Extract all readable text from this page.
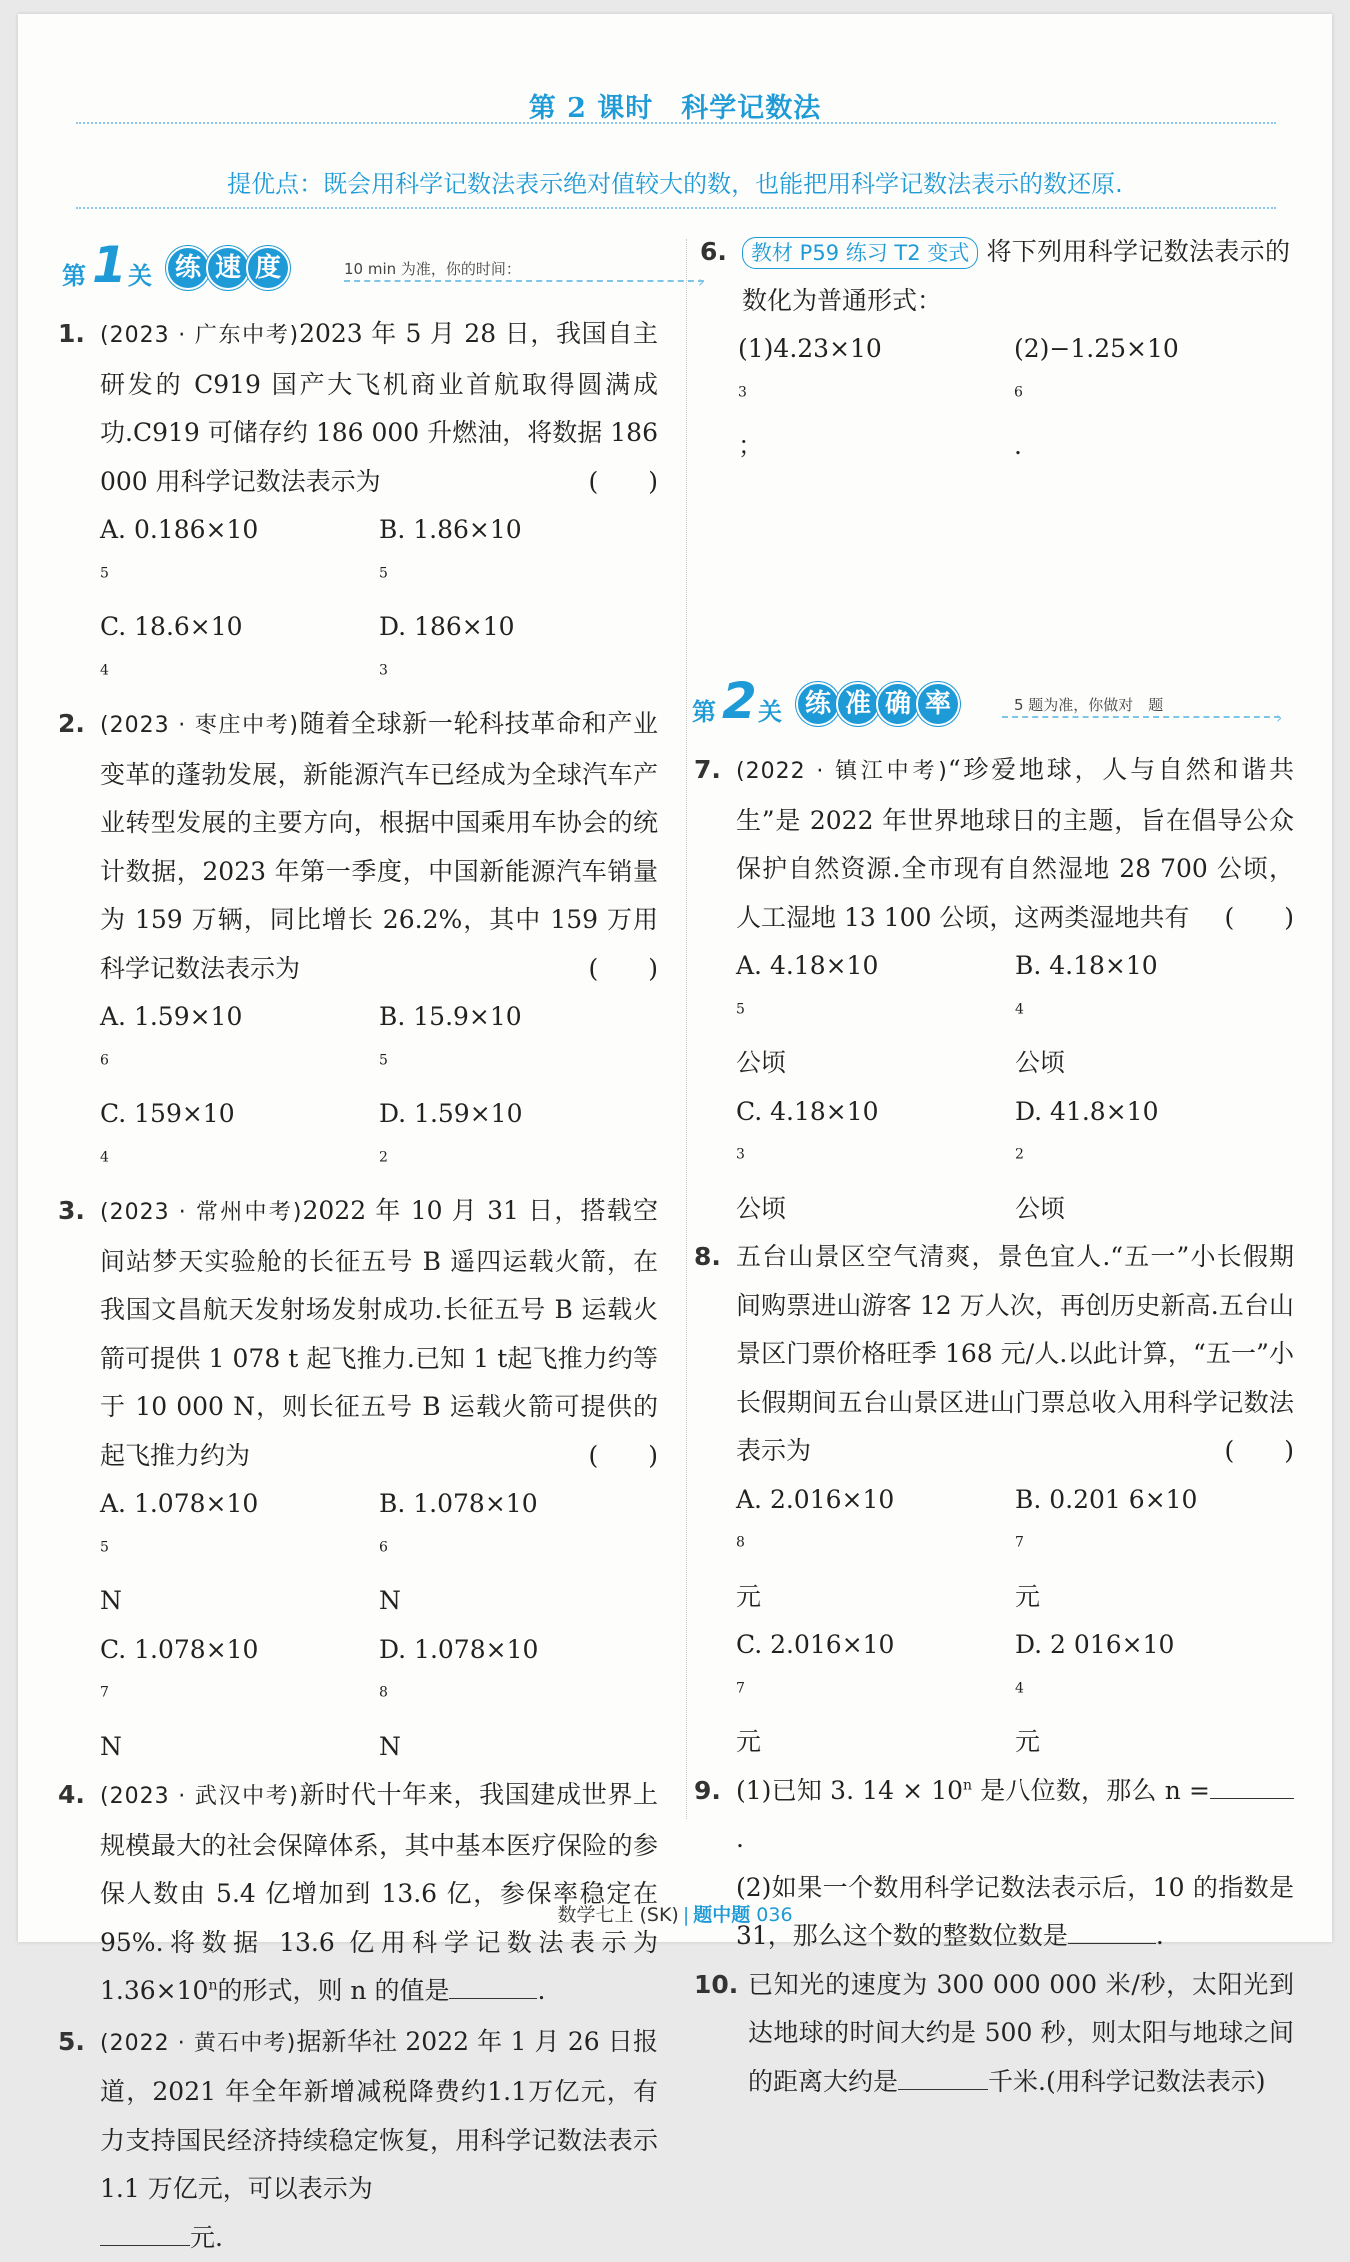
第 2 课时　科学记数法
提优点：既会用科学记数法表示绝对值较大的数，也能把用科学记数法表示的数还原.
第 1 关 练 速 度	10 min 为准，你的时间：
›
1. (2023 · 广东中考)2023 年 5 月 28 日，我国自主研发的 C919 国产大飞机商业首航取得圆满成功.C919 可储存约 186 000 升燃油，将数据 186 000 用科学记数法表示为	(　　)
A. 0.186×10
$^5$
B. 1.86×10
$^5$
C. 18.6×10
$^4$
D. 186×10
$^3$
2. (2023 · 枣庄中考)随着全球新一轮科技革命和产业变革的蓬勃发展，新能源汽车已经成为全球汽车产业转型发展的主要方向，根据中国乘用车协会的统计数据，2023 年第一季度，中国新能源汽车销量为 159 万辆，同比增长 26.2%，其中 159 万用科学记数法表示为	(　　)
A. 1.59×10
$^6$
B. 15.9×10
$^5$
C. 159×10
$^4$
D. 1.59×10
$^2$
3. (2023 · 常州中考)2022 年 10 月 31 日，搭载空间站梦天实验舱的长征五号 B 遥四运载火箭，在我国文昌航天发射场发射成功.长征五号 B 运载火箭可提供 1 078 t 起飞推力.已知 1 t起飞推力约等于 10 000 N，则长征五号 B 运载火箭可提供的起飞推力约为	(　　)
A. 1.078×10
$^5$
N
B. 1.078×10
$^6$
N
C. 1.078×10
$^7$
N
D. 1.078×10
$^8$
N
4. (2023 · 武汉中考)新时代十年来，我国建成世界上规模最大的社会保障体系，其中基本医疗保险的参保人数由 5.4 亿增加到 13.6 亿，参保率稳定在 95%.将数据 13.6 亿用科学记数法表示为 $1.36\times 10^n$的形式，则 n 的值是	.

5. (2022 · 黄石中考)据新华社 2022 年 1 月 26 日报道，2021 年全年新增减税降费约1.1万亿元，有力支持国民经济持续稳定恢复，用科学记数法表示 1.1 万亿元，可以表示为
元.

6.	教材 P59 练习 T2 变式 将下列用科学记数法表示的数化为普通形式：

(1)4.23×10
$^3$
；
(2)−1.25×10
$^6$
.
第 2 关 练 准 确 率	5 题为准，你做对　题
›
7. (2022 · 镇江中考)“珍爱地球，人与自然和谐共生”是 2022 年世界地球日的主题，旨在倡导公众保护自然资源.全市现有自然湿地 28 700 公顷，人工湿地 13 100 公顷，这两类湿地共有	(　　)
A. 4.18×10
$^5$
公顷
B. 4.18×10
$^4$
公顷
C. 4.18×10
$^3$
公顷
D. 41.8×10
$^2$
公顷
8. 五台山景区空气清爽，景色宜人.“五一”小长假期间购票进山游客 12 万人次，再创历史新高.五台山景区门票价格旺季 168 元/人.以此计算，“五一”小长假期间五台山景区进山门票总收入用科学记数法表示为	(　　)
A. 2.016×10
$^8$
元
B. 0.201 6×10
$^7$
元
C. 2.016×10
$^7$
元
D. 2 016×10
$^4$
元
9. (1)已知 3. $14 \times 10^n$ 是八位数，那么 n =.

(2)如果一个数用科学记数法表示后，10 的指数是 31，那么这个数的整数位数是	.

10. 已知光的速度为 300 000 000 米/秒，太阳光到达地球的时间大约是 500 秒，则太阳与地球之间的距离大约是	千米.(用科学记数法表示)

数学七上 (SK) | 题中题 036
